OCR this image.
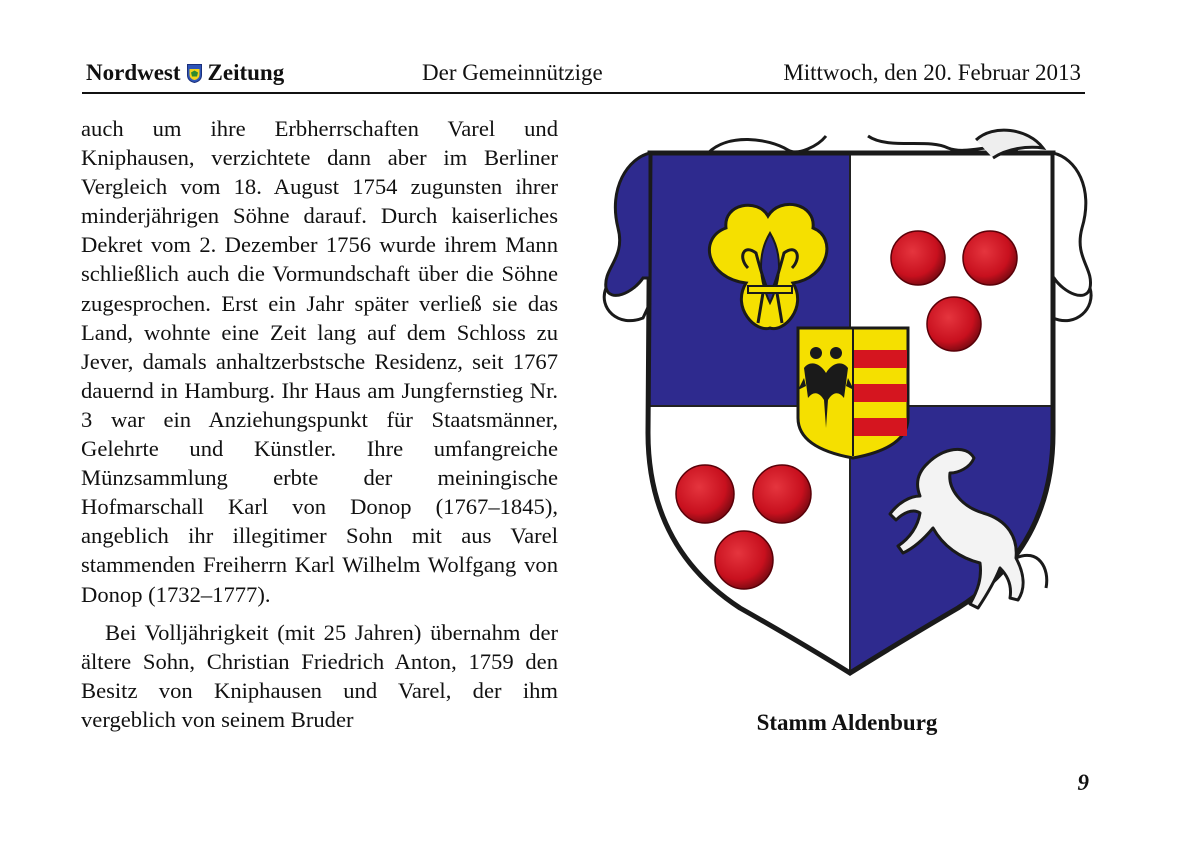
Nordwest Zeitung	Der Gemeinnützige	Mittwoch, den 20. Februar 2013

auch um ihre Erbherrschaften Varel und Kniphausen, verzichtete dann aber im Berliner Vergleich vom 18. August 1754 zugunsten ihrer minderjährigen Söhne darauf. Durch kaiserliches Dekret vom 2. Dezember 1756 wurde ihrem Mann schließlich auch die Vormundschaft über die Söhne zugesprochen. Erst ein Jahr später verließ sie das Land, wohnte eine Zeit lang auf dem Schloss zu Jever, damals anhaltzerbstsche Residenz, seit 1767 dauernd in Hamburg. Ihr Haus am Jungfernstieg Nr. 3 war ein Anziehungspunkt für Staatsmänner, Gelehrte und Künstler. Ihre umfangreiche Münzsammlung erbte der meiningische Hofmarschall Karl von Donop (1767–1845), angeblich ihr illegitimer Sohn mit aus Varel stammenden Freiherrn Karl Wilhelm Wolfgang von Donop (1732–1777).

Bei Volljährigkeit (mit 25 Jahren) übernahm der ältere Sohn, Christian Friedrich Anton, 1759 den Besitz von Kniphausen und Varel, der ihm vergeblich von seinem Bruder	Stamm Aldenburg
9
